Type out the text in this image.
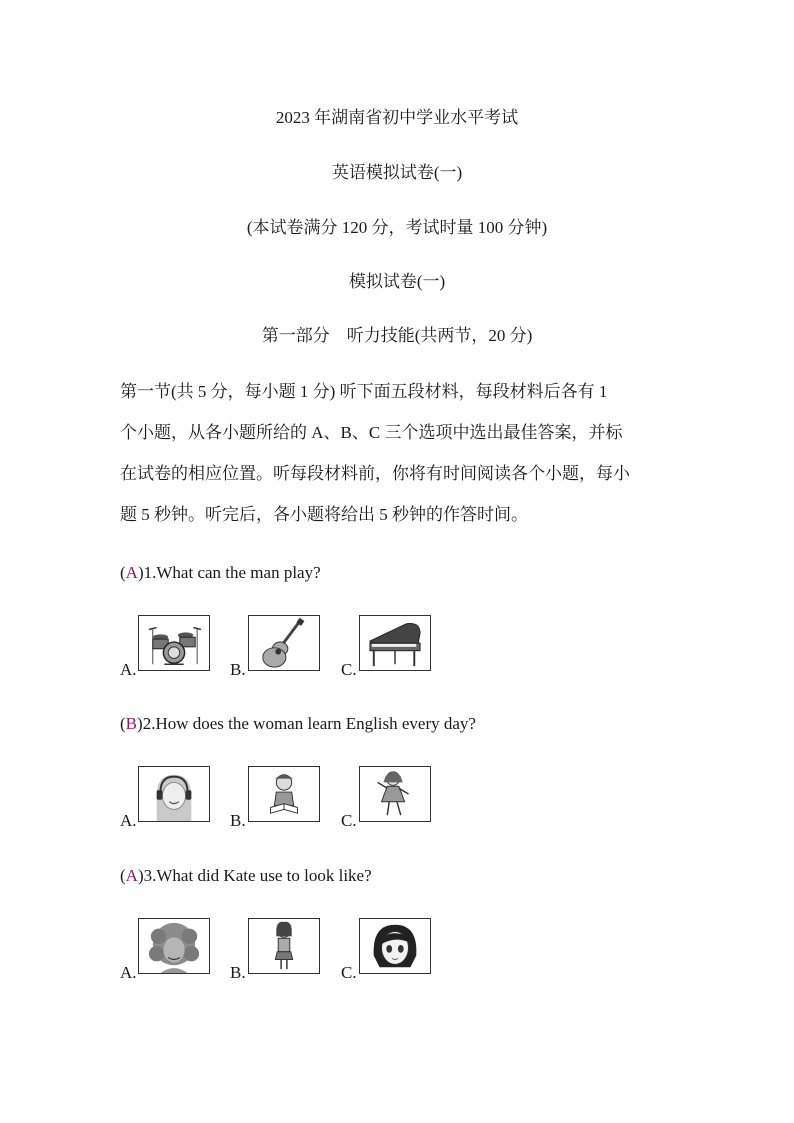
2023 年湖南省初中学业水平考试
英语模拟试卷(一)
(本试卷满分 120 分，考试时量 100 分钟)
模拟试卷(一)
第一部分　听力技能(共两节，20 分)
第一节(共 5 分，每小题 1 分) 听下面五段材料，每段材料后各有 1
个小题，从各小题所给的 A、B、C 三个选项中选出最佳答案，并标
在试卷的相应位置。听每段材料前，你将有时间阅读各个小题，每小
题 5 秒钟。听完后，各小题将给出 5 秒钟的作答时间。
(A)1.What can the man play?
A.	B.	C.
(B)2.How does the woman learn English every day?
A.	B.	C.
(A)3.What did Kate use to look like?
A.	B.	C.
